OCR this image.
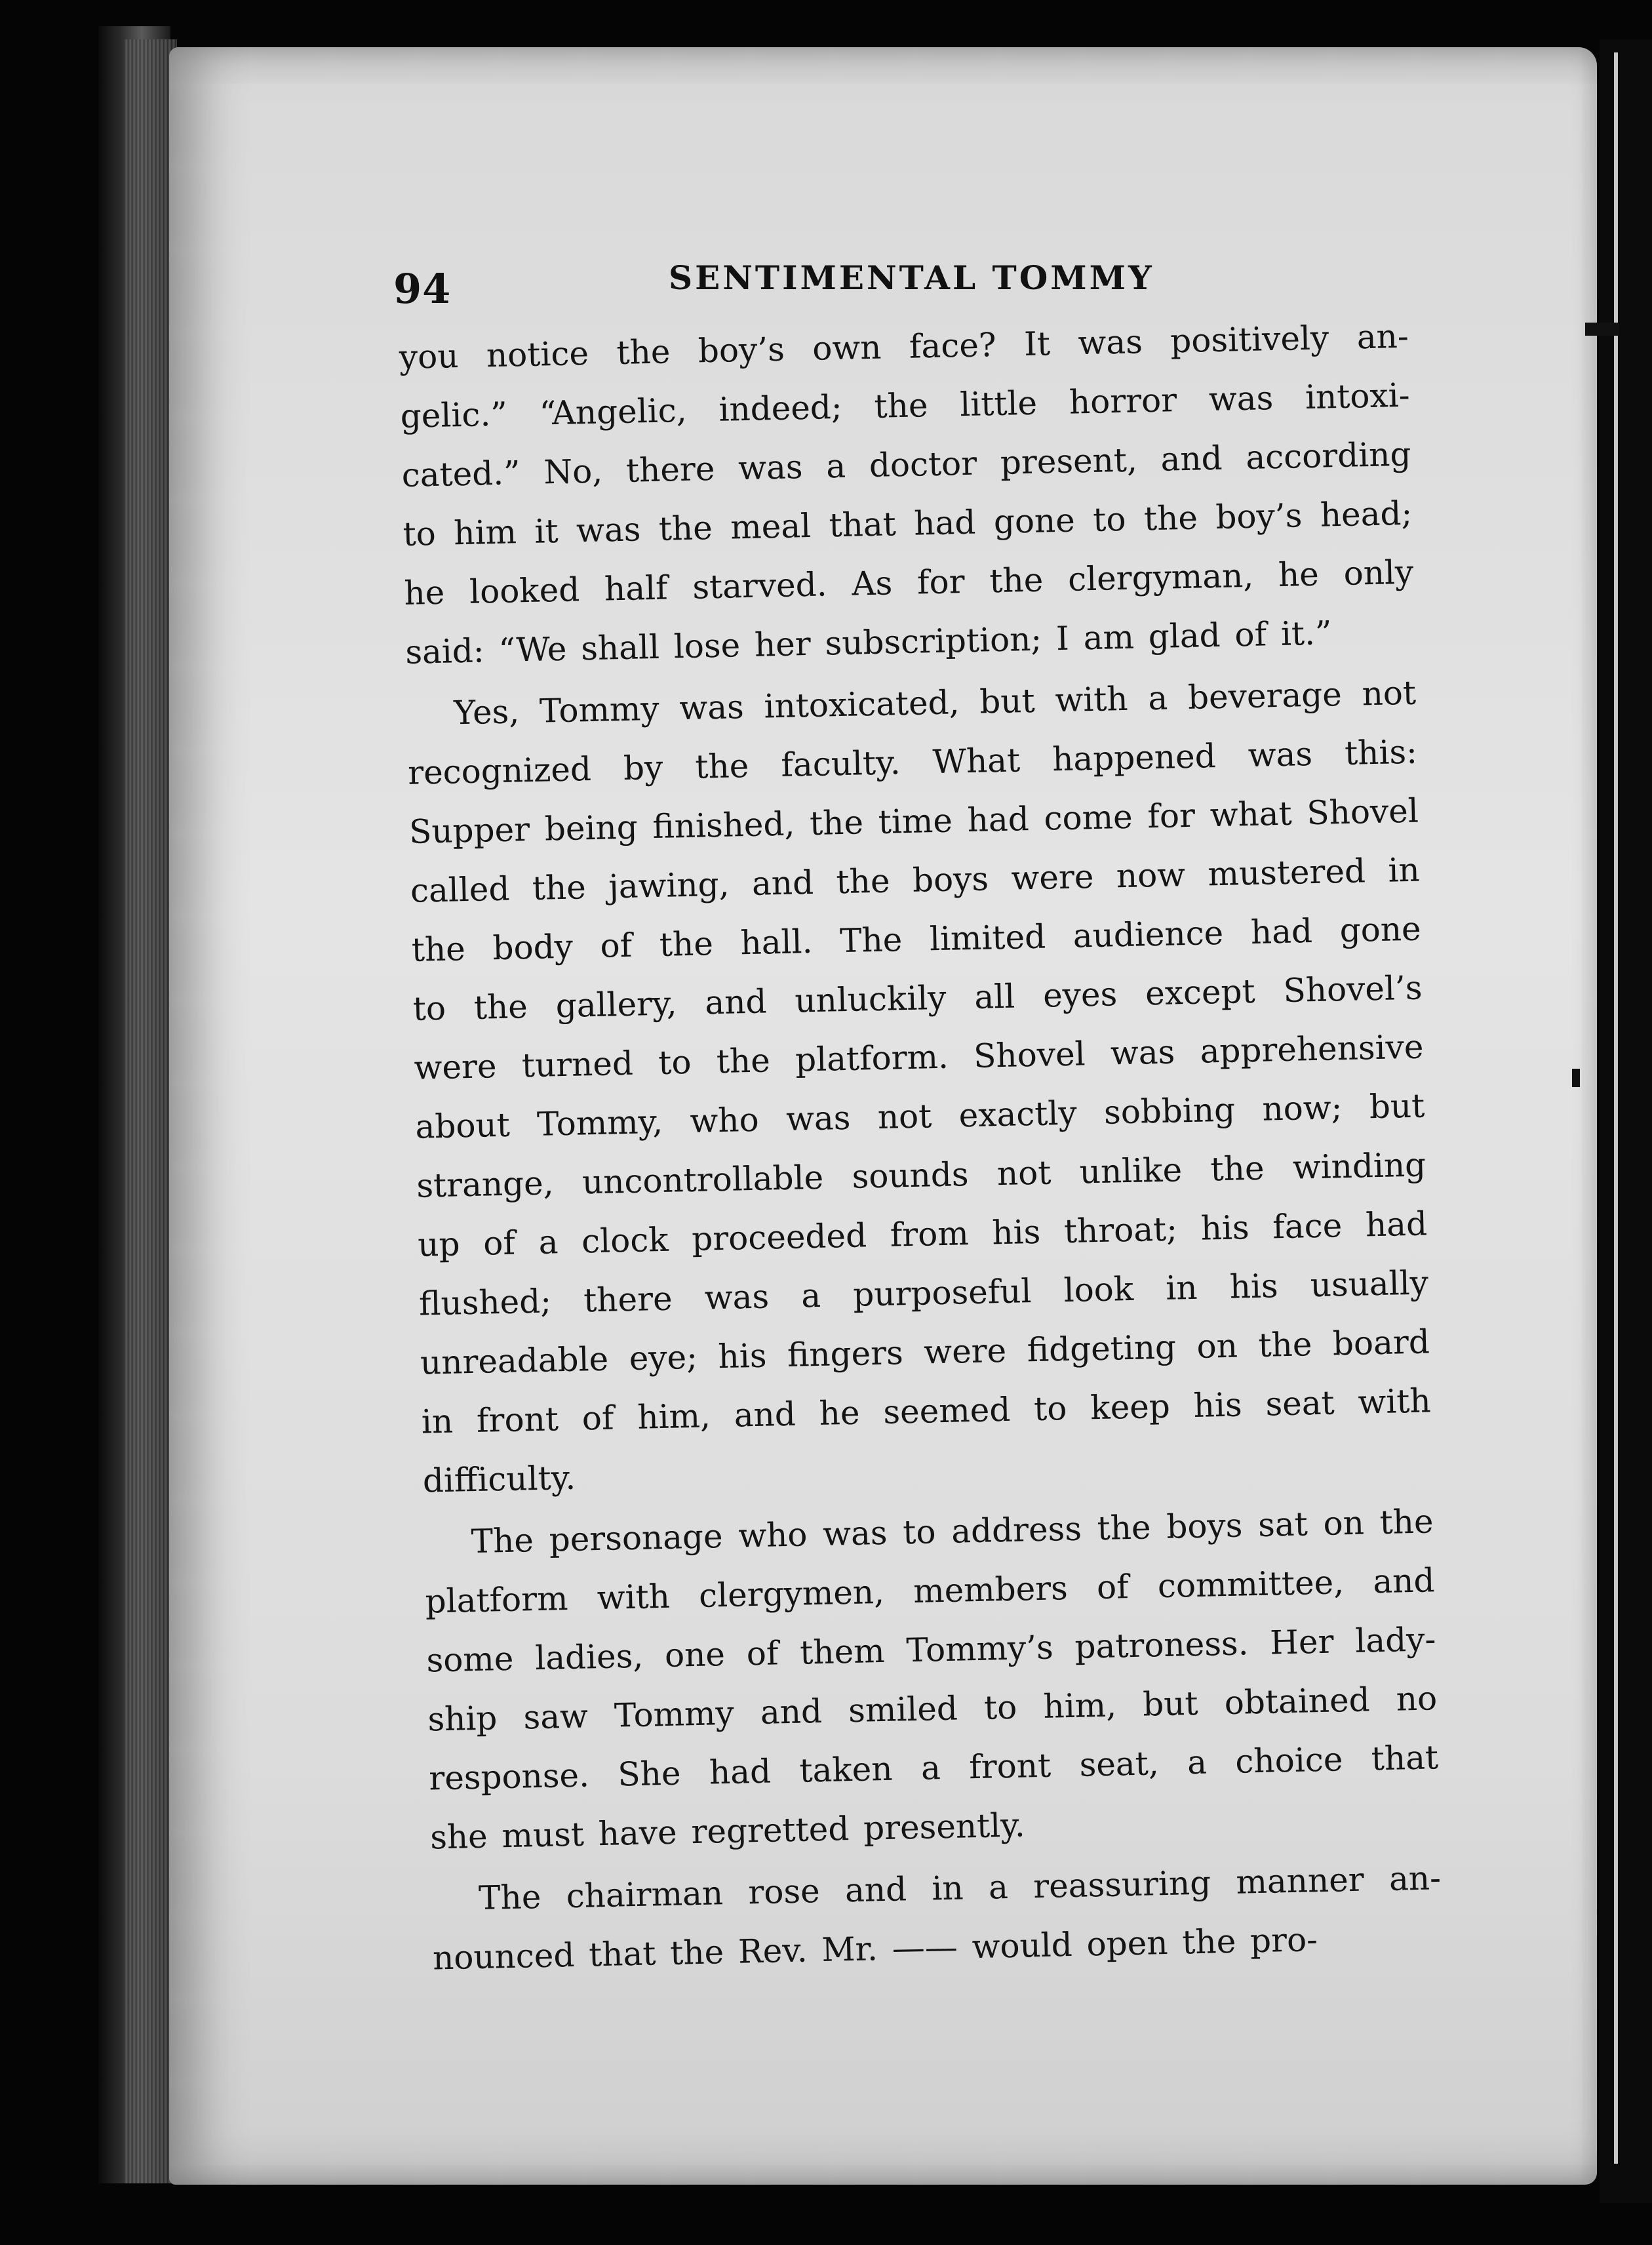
94	SENTIMENTAL TOMMY
you notice the boy’s own face? It was positively an-
gelic.” “Angelic, indeed; the little horror was intoxi-
cated.” No, there was a doctor present, and according
to him it was the meal that had gone to the boy’s head;
he looked half starved. As for the clergyman, he only
said: “We shall lose her subscription; I am glad of it.”
Yes, Tommy was intoxicated, but with a beverage not
recognized by the faculty. What happened was this:
Supper being finished, the time had come for what Shovel
called the jawing, and the boys were now mustered in
the body of the hall. The limited audience had gone
to the gallery, and unluckily all eyes except Shovel’s
were turned to the platform. Shovel was apprehensive
about Tommy, who was not exactly sobbing now; but
strange, uncontrollable sounds not unlike the winding
up of a clock proceeded from his throat; his face had
flushed; there was a purposeful look in his usually
unreadable eye; his fingers were fidgeting on the board
in front of him, and he seemed to keep his seat with
difficulty.
The personage who was to address the boys sat on the
platform with clergymen, members of committee, and
some ladies, one of them Tommy’s patroness. Her lady-
ship saw Tommy and smiled to him, but obtained no
response. She had taken a front seat, a choice that
she must have regretted presently.
The chairman rose and in a reassuring manner an-
nounced that the Rev. Mr. —— would open the pro-
